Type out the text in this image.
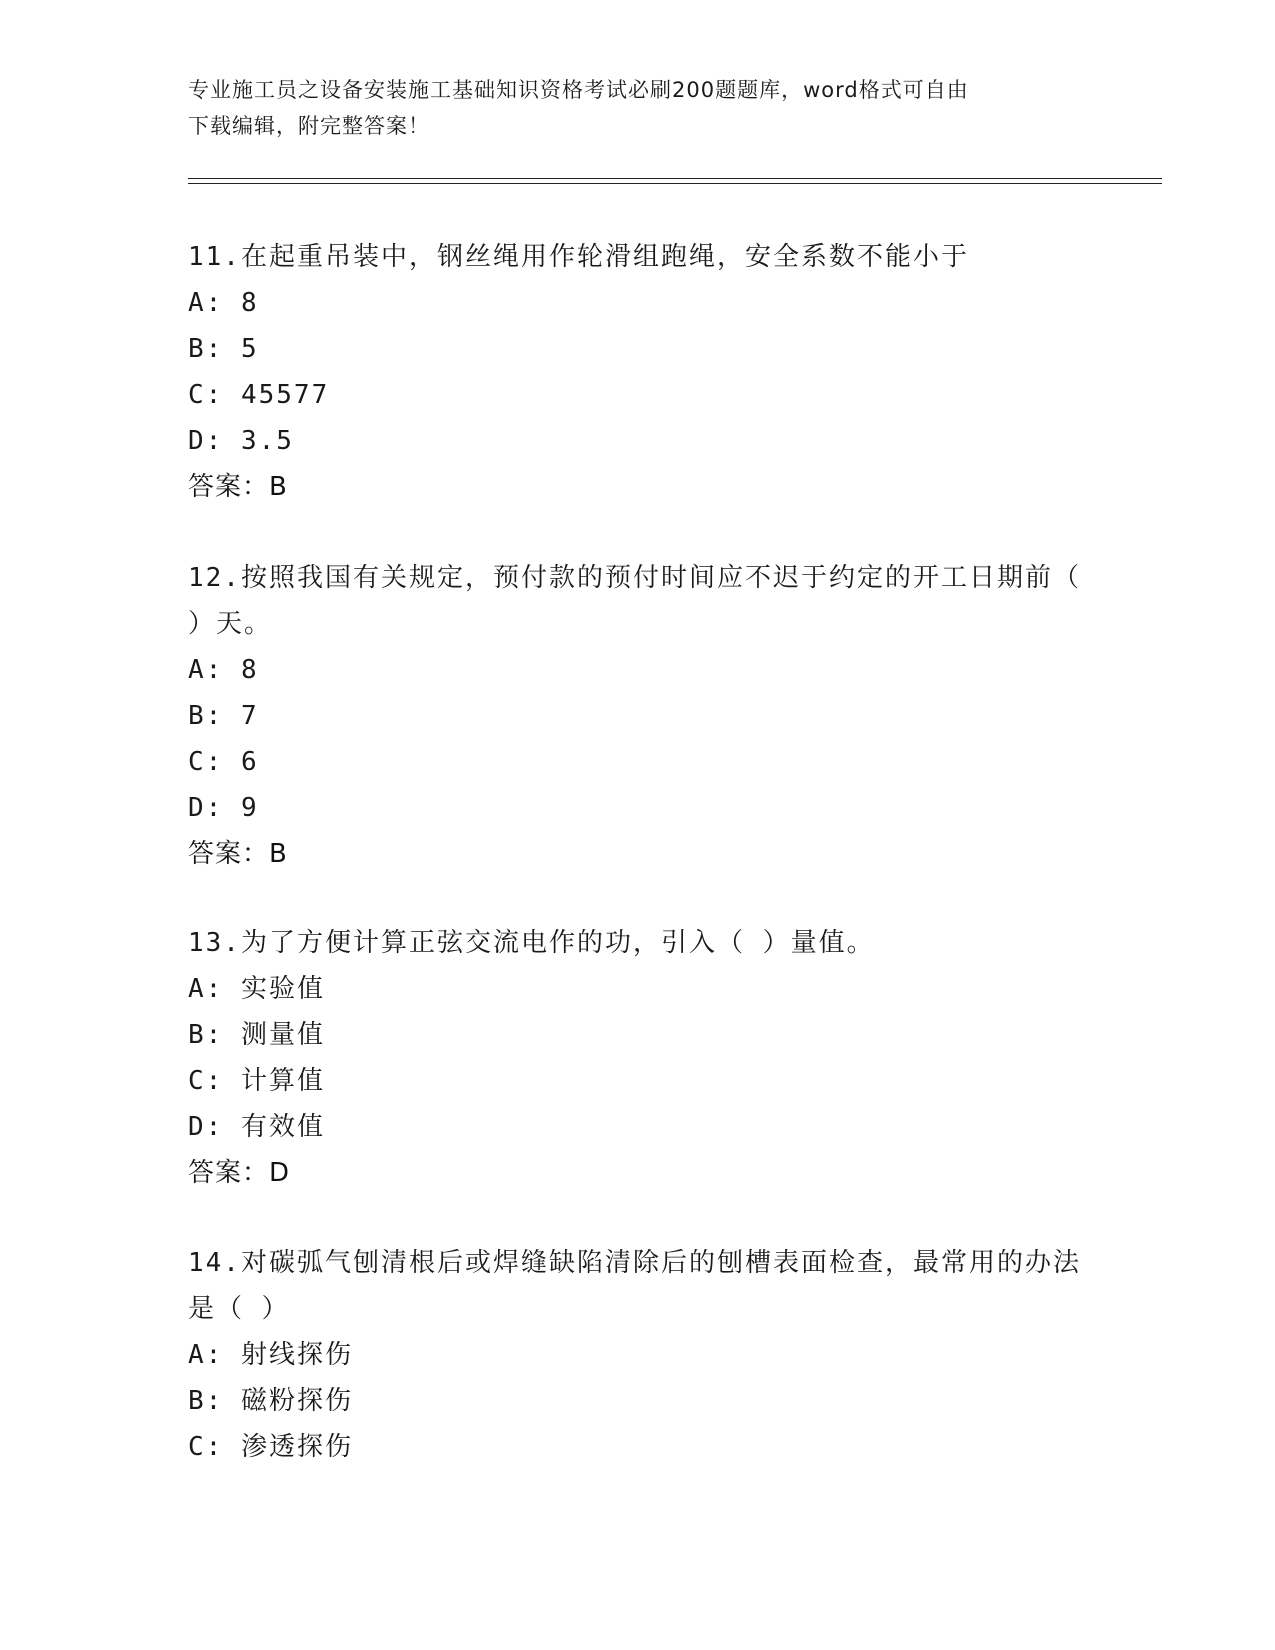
专业施工员之设备安装施工基础知识资格考试必刷200题题库，word格式可自由
下载编辑，附完整答案！

11.在起重吊装中，钢丝绳用作轮滑组跑绳，安全系数不能小于

A: 8

B: 5

C: 45577

D: 3.5

答案：B

12.按照我国有关规定，预付款的预付时间应不迟于约定的开工日期前（ ）天。

A: 8

B: 7

C: 6

D: 9

答案：B

13.为了方便计算正弦交流电作的功，引入（ ）量值。

A: 实验值

B: 测量值

C: 计算值

D: 有效值

答案：D

14.对碳弧气刨清根后或焊缝缺陷清除后的刨槽表面检查，最常用的办法是（ ）

A: 射线探伤

B: 磁粉探伤

C: 渗透探伤
